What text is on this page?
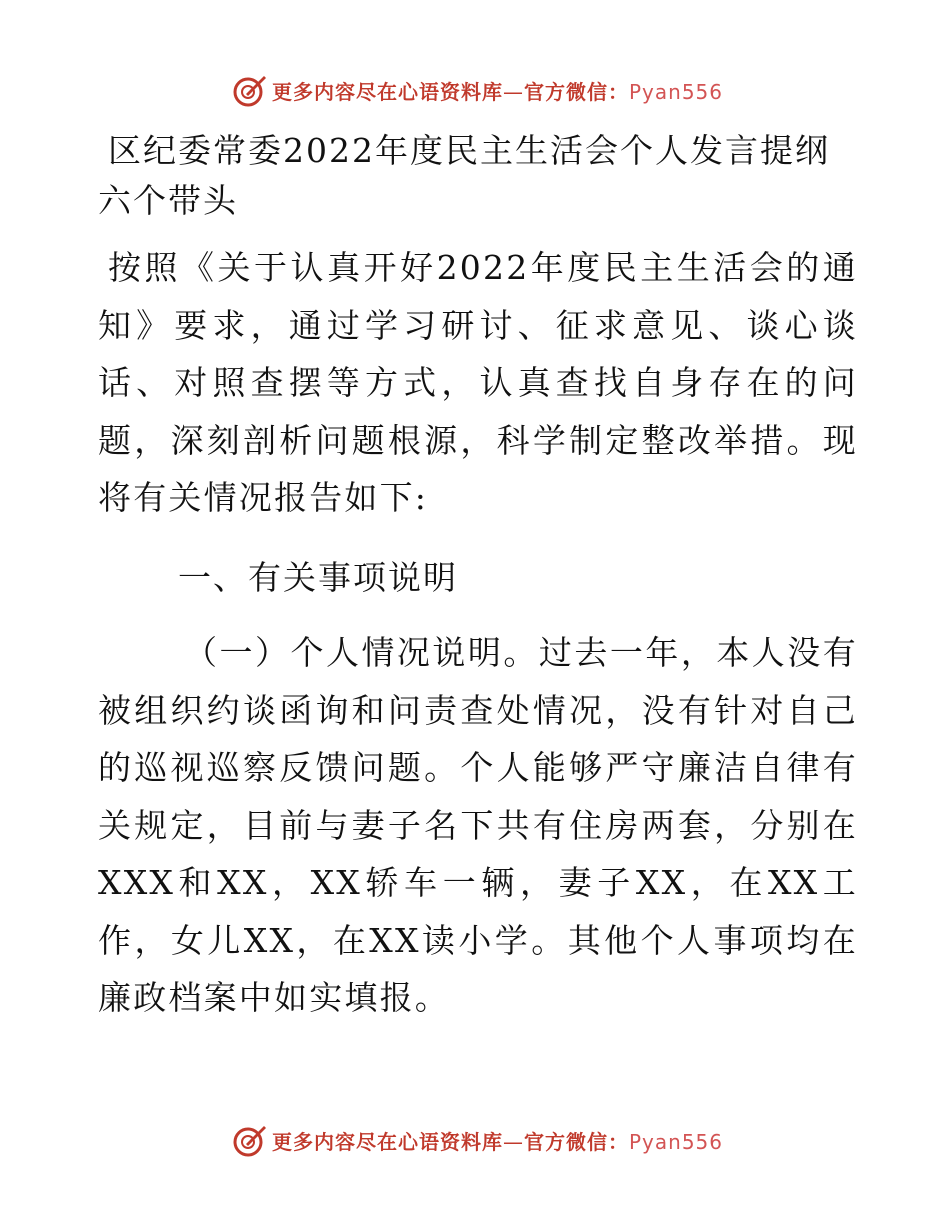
更多内容尽在心语资料库—官方微信：Pyan556
区纪委常委2022年度民主生活会个人发言提纲
六个带头

按照《关于认真开好2022年度民主生活会的通知》要求，通过学习研讨、征求意见、谈心谈话、对照查摆等方式，认真查找自身存在的问题，深刻剖析问题根源，科学制定整改举措。现将有关情况报告如下:

一、有关事项说明

（一）个人情况说明。过去一年，本人没有被组织约谈函询和问责查处情况，没有针对自己的巡视巡察反馈问题。个人能够严守廉洁自律有关规定，目前与妻子名下共有住房两套，分别在XXX和XX，XX轿车一辆，妻子XX，在XX工作，女儿XX，在XX读小学。其他个人事项均在廉政档案中如实填报。

更多内容尽在心语资料库—官方微信：Pyan556
